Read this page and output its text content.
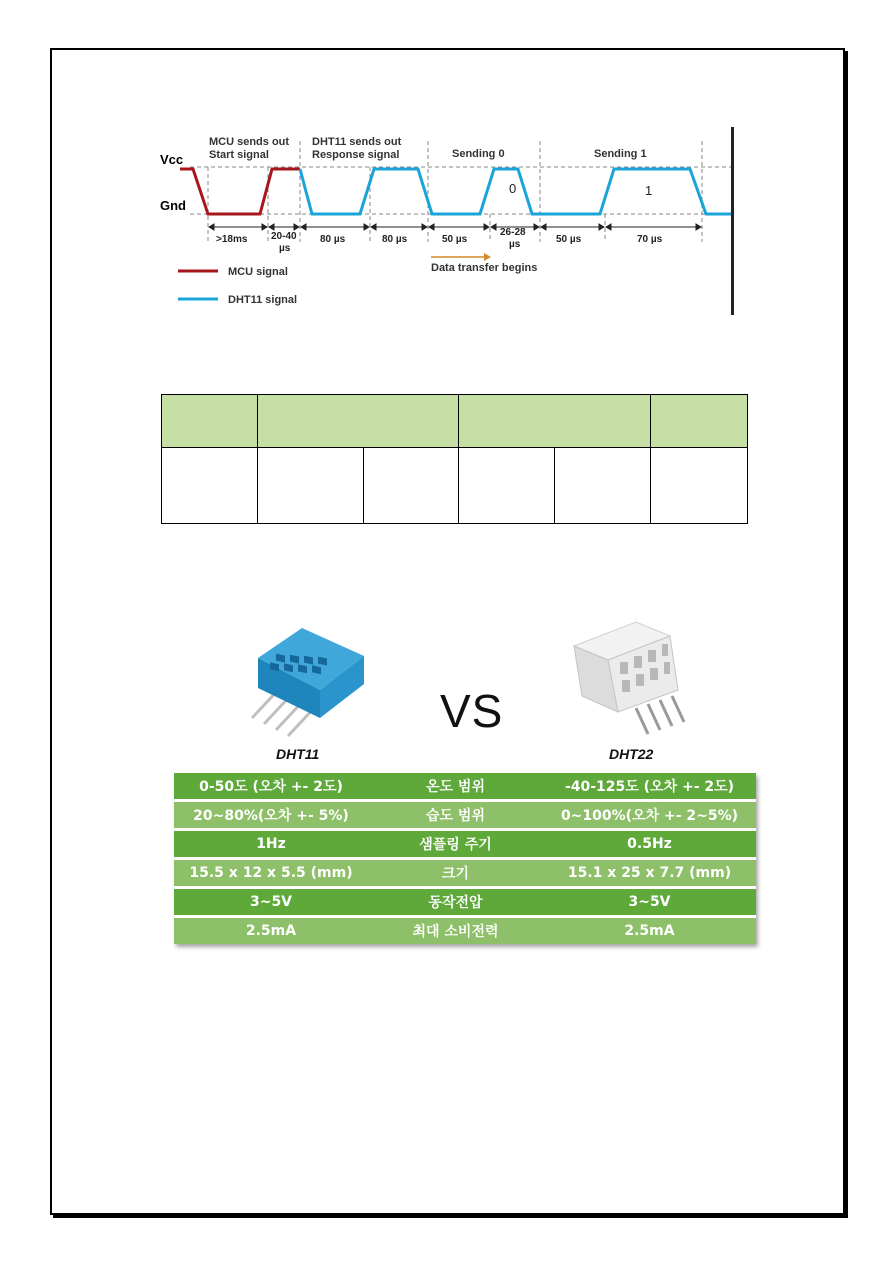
Vcc
Gnd
MCU sends out
Start signal
DHT11 sends out
Response signal	Sending 0	Sending 1
0	1
>18ms 20-40
µs
80 µs	80 µs	50 µs
26-28
µs	50 µs	70 µs
Data transfer begins
MCU signal
DHT11 signal

VS
DHT11	DHT22
0-50도 (오차 +- 2도)	온도 범위	-40-125도 (오차 +- 2도)
20~80%(오차 +- 5%)	습도 범위	0~100%(오차 +- 2~5%)
1Hz	샘플링 주기	0.5Hz
15.5 x 12 x 5.5 (mm)	크기	15.1 x 25 x 7.7 (mm)
3~5V	동작전압	3~5V
2.5mA	최대 소비전력	2.5mA
